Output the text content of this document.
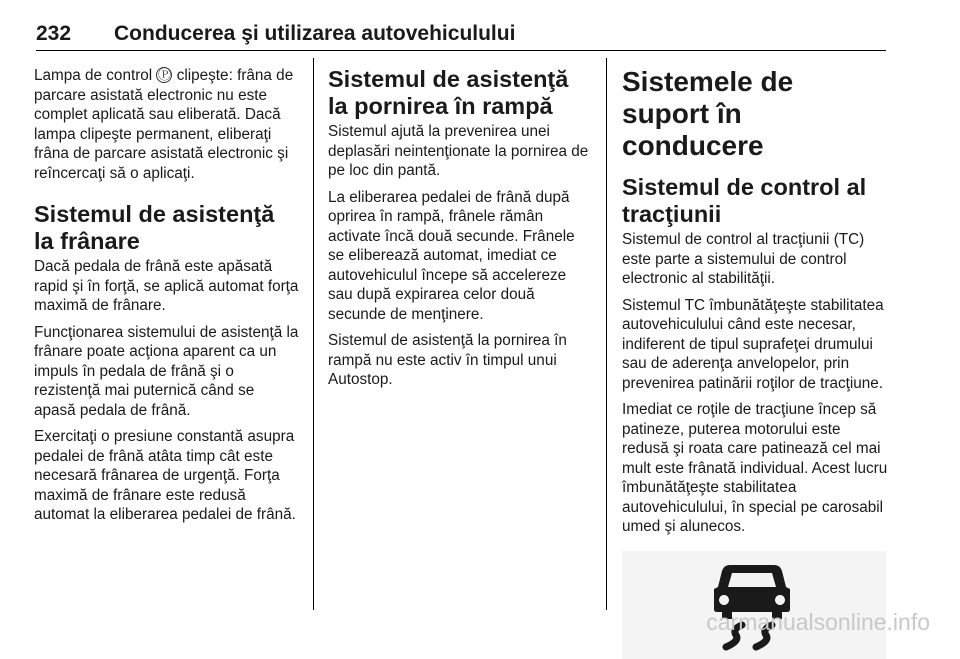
232 Conducerea şi utilizarea autovehiculului

Lampa de control Ⓟ clipeşte: frâna de parcare asistată electronic nu este complet aplicată sau eliberată. Dacă lampa clipeşte permanent, eliberaţi frâna de parcare asistată electronic şi reîncercaţi să o aplicaţi.

Sistemul de asistenţă la frânare

Dacă pedala de frână este apăsată rapid şi în forţă, se aplică automat forţa maximă de frânare.

Funcţionarea sistemului de asistenţă la frânare poate acţiona aparent ca un impuls în pedala de frână şi o rezistenţă mai puternică când se apasă pedala de frână.

Exercitaţi o presiune constantă asupra pedalei de frână atâta timp cât este necesară frânarea de urgenţă. Forţa maximă de frânare este redusă automat la eliberarea pedalei de frână.

Sistemul de asistenţă la pornirea în rampă

Sistemul ajută la prevenirea unei deplasări neintenţionate la pornirea de pe loc din pantă.

La eliberarea pedalei de frână după oprirea în rampă, frânele rămân activate încă două secunde. Frânele se eliberează automat, imediat ce autovehiculul începe să accelereze sau după expirarea celor două secunde de menţinere.

Sistemul de asistenţă la pornirea în rampă nu este activ în timpul unui Autostop.

Sistemele de suport în conducere
Sistemul de control al tracţiunii

Sistemul de control al tracţiunii (TC) este parte a sistemului de control electronic al stabilităţii.

Sistemul TC îmbunătăţeşte stabilitatea autovehiculului când este necesar, indiferent de tipul suprafeţei drumului sau de aderenţa anvelopelor, prin prevenirea patinării roţilor de tracţiune.

Imediat ce roţile de tracţiune încep să patineze, puterea motorului este redusă şi roata care patinează cel mai mult este frânată individual. Acest lucru îmbunătăţeşte stabilitatea autovehiculului, în special pe carosabil umed şi alunecos.

carmanualsonline.info
